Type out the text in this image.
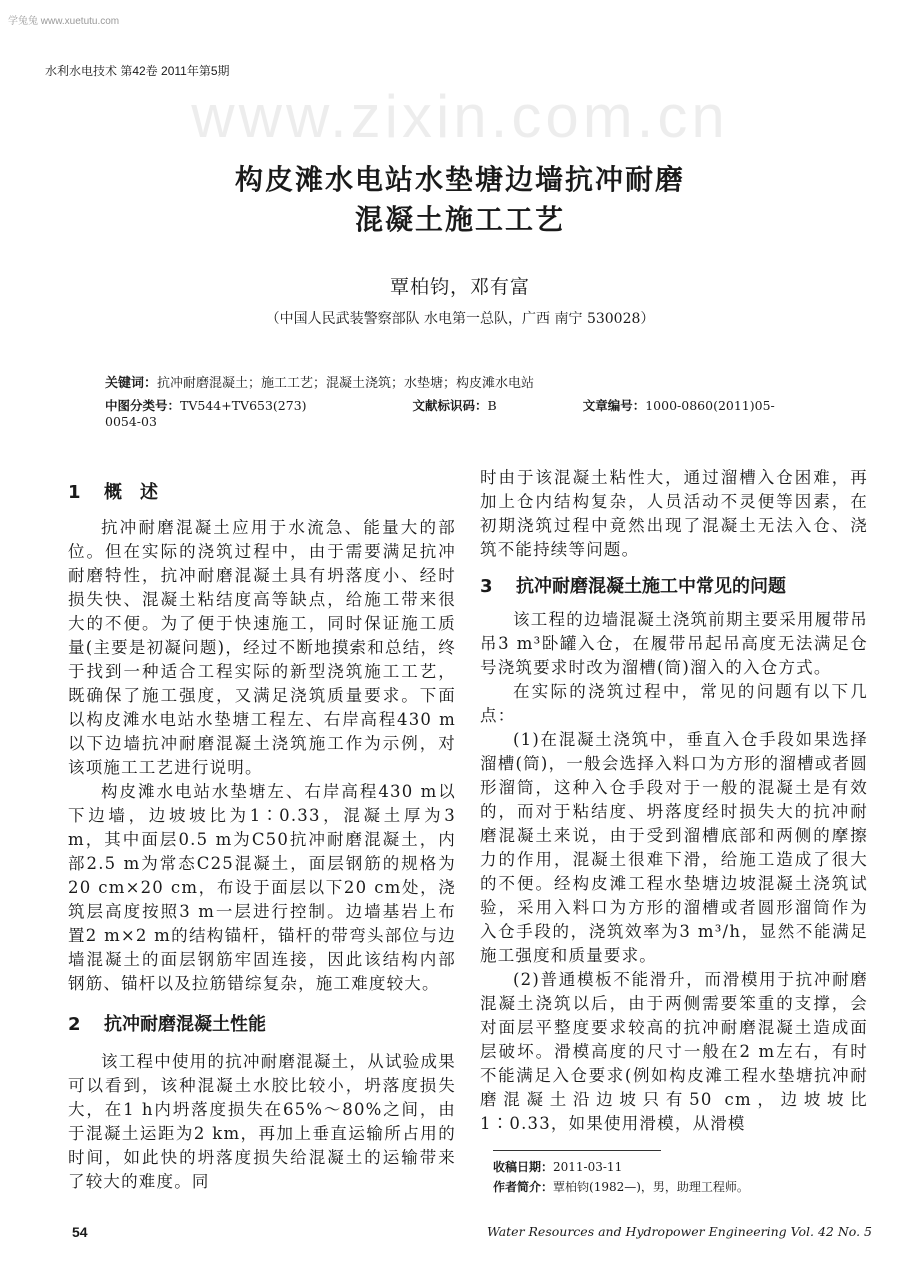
学兔兔 www.xuetutu.com
www.zixin.com.cn
水利水电技术 第42卷 2011年第5期
构皮滩水电站水垫塘边墙抗冲耐磨
混凝土施工工艺
覃柏钧，邓有富
（中国人民武装警察部队 水电第一总队，广西 南宁 530028）
关键词：抗冲耐磨混凝土；施工工艺；混凝土浇筑；水垫塘；构皮滩水电站
中图分类号：TV544+TV653(273)	文献标识码：B	文章编号：1000-0860(2011)05-0054-03
1 概　述

抗冲耐磨混凝土应用于水流急、能量大的部位。但在实际的浇筑过程中，由于需要满足抗冲耐磨特性，抗冲耐磨混凝土具有坍落度小、经时损失快、混凝土粘结度高等缺点，给施工带来很大的不便。为了便于快速施工，同时保证施工质量(主要是初凝问题)，经过不断地摸索和总结，终于找到一种适合工程实际的新型浇筑施工工艺，既确保了施工强度，又满足浇筑质量要求。下面以构皮滩水电站水垫塘工程左、右岸高程430 m以下边墙抗冲耐磨混凝土浇筑施工作为示例，对该项施工工艺进行说明。

构皮滩水电站水垫塘左、右岸高程430 m以下边墙，边坡坡比为1∶0.33，混凝土厚为3 m，其中面层0.5 m为C50抗冲耐磨混凝土，内部2.5 m为常态C25混凝土，面层钢筋的规格为20 cm×20 cm，布设于面层以下20 cm处，浇筑层高度按照3 m一层进行控制。边墙基岩上布置2 m×2 m的结构锚杆，锚杆的带弯头部位与边墙混凝土的面层钢筋牢固连接，因此该结构内部钢筋、锚杆以及拉筋错综复杂，施工难度较大。

2 抗冲耐磨混凝土性能

该工程中使用的抗冲耐磨混凝土，从试验成果可以看到，该种混凝土水胶比较小，坍落度损失大，在1 h内坍落度损失在65%～80%之间，由于混凝土运距为2 km，再加上垂直运输所占用的时间，如此快的坍落度损失给混凝土的运输带来了较大的难度。同

时由于该混凝土粘性大，通过溜槽入仓困难，再加上仓内结构复杂，人员活动不灵便等因素，在初期浇筑过程中竟然出现了混凝土无法入仓、浇筑不能持续等问题。

3 抗冲耐磨混凝土施工中常见的问题

该工程的边墙混凝土浇筑前期主要采用履带吊吊3 m³卧罐入仓，在履带吊起吊高度无法满足仓号浇筑要求时改为溜槽(筒)溜入的入仓方式。

在实际的浇筑过程中，常见的问题有以下几点：

(1)在混凝土浇筑中，垂直入仓手段如果选择溜槽(筒)，一般会选择入料口为方形的溜槽或者圆形溜筒，这种入仓手段对于一般的混凝土是有效的，而对于粘结度、坍落度经时损失大的抗冲耐磨混凝土来说，由于受到溜槽底部和两侧的摩擦力的作用，混凝土很难下滑，给施工造成了很大的不便。经构皮滩工程水垫塘边坡混凝土浇筑试验，采用入料口为方形的溜槽或者圆形溜筒作为入仓手段的，浇筑效率为3 m³/h，显然不能满足施工强度和质量要求。

(2)普通模板不能滑升，而滑模用于抗冲耐磨混凝土浇筑以后，由于两侧需要笨重的支撑，会对面层平整度要求较高的抗冲耐磨混凝土造成面层破坏。滑模高度的尺寸一般在2 m左右，有时不能满足入仓要求(例如构皮滩工程水垫塘抗冲耐磨混凝土沿边坡只有50 cm，边坡坡比1∶0.33，如果使用滑模，从滑模

收稿日期：2011-03-11
作者简介：覃柏钧(1982—)，男，助理工程师。
54	Water Resources and Hydropower Engineering Vol. 42 No. 5
